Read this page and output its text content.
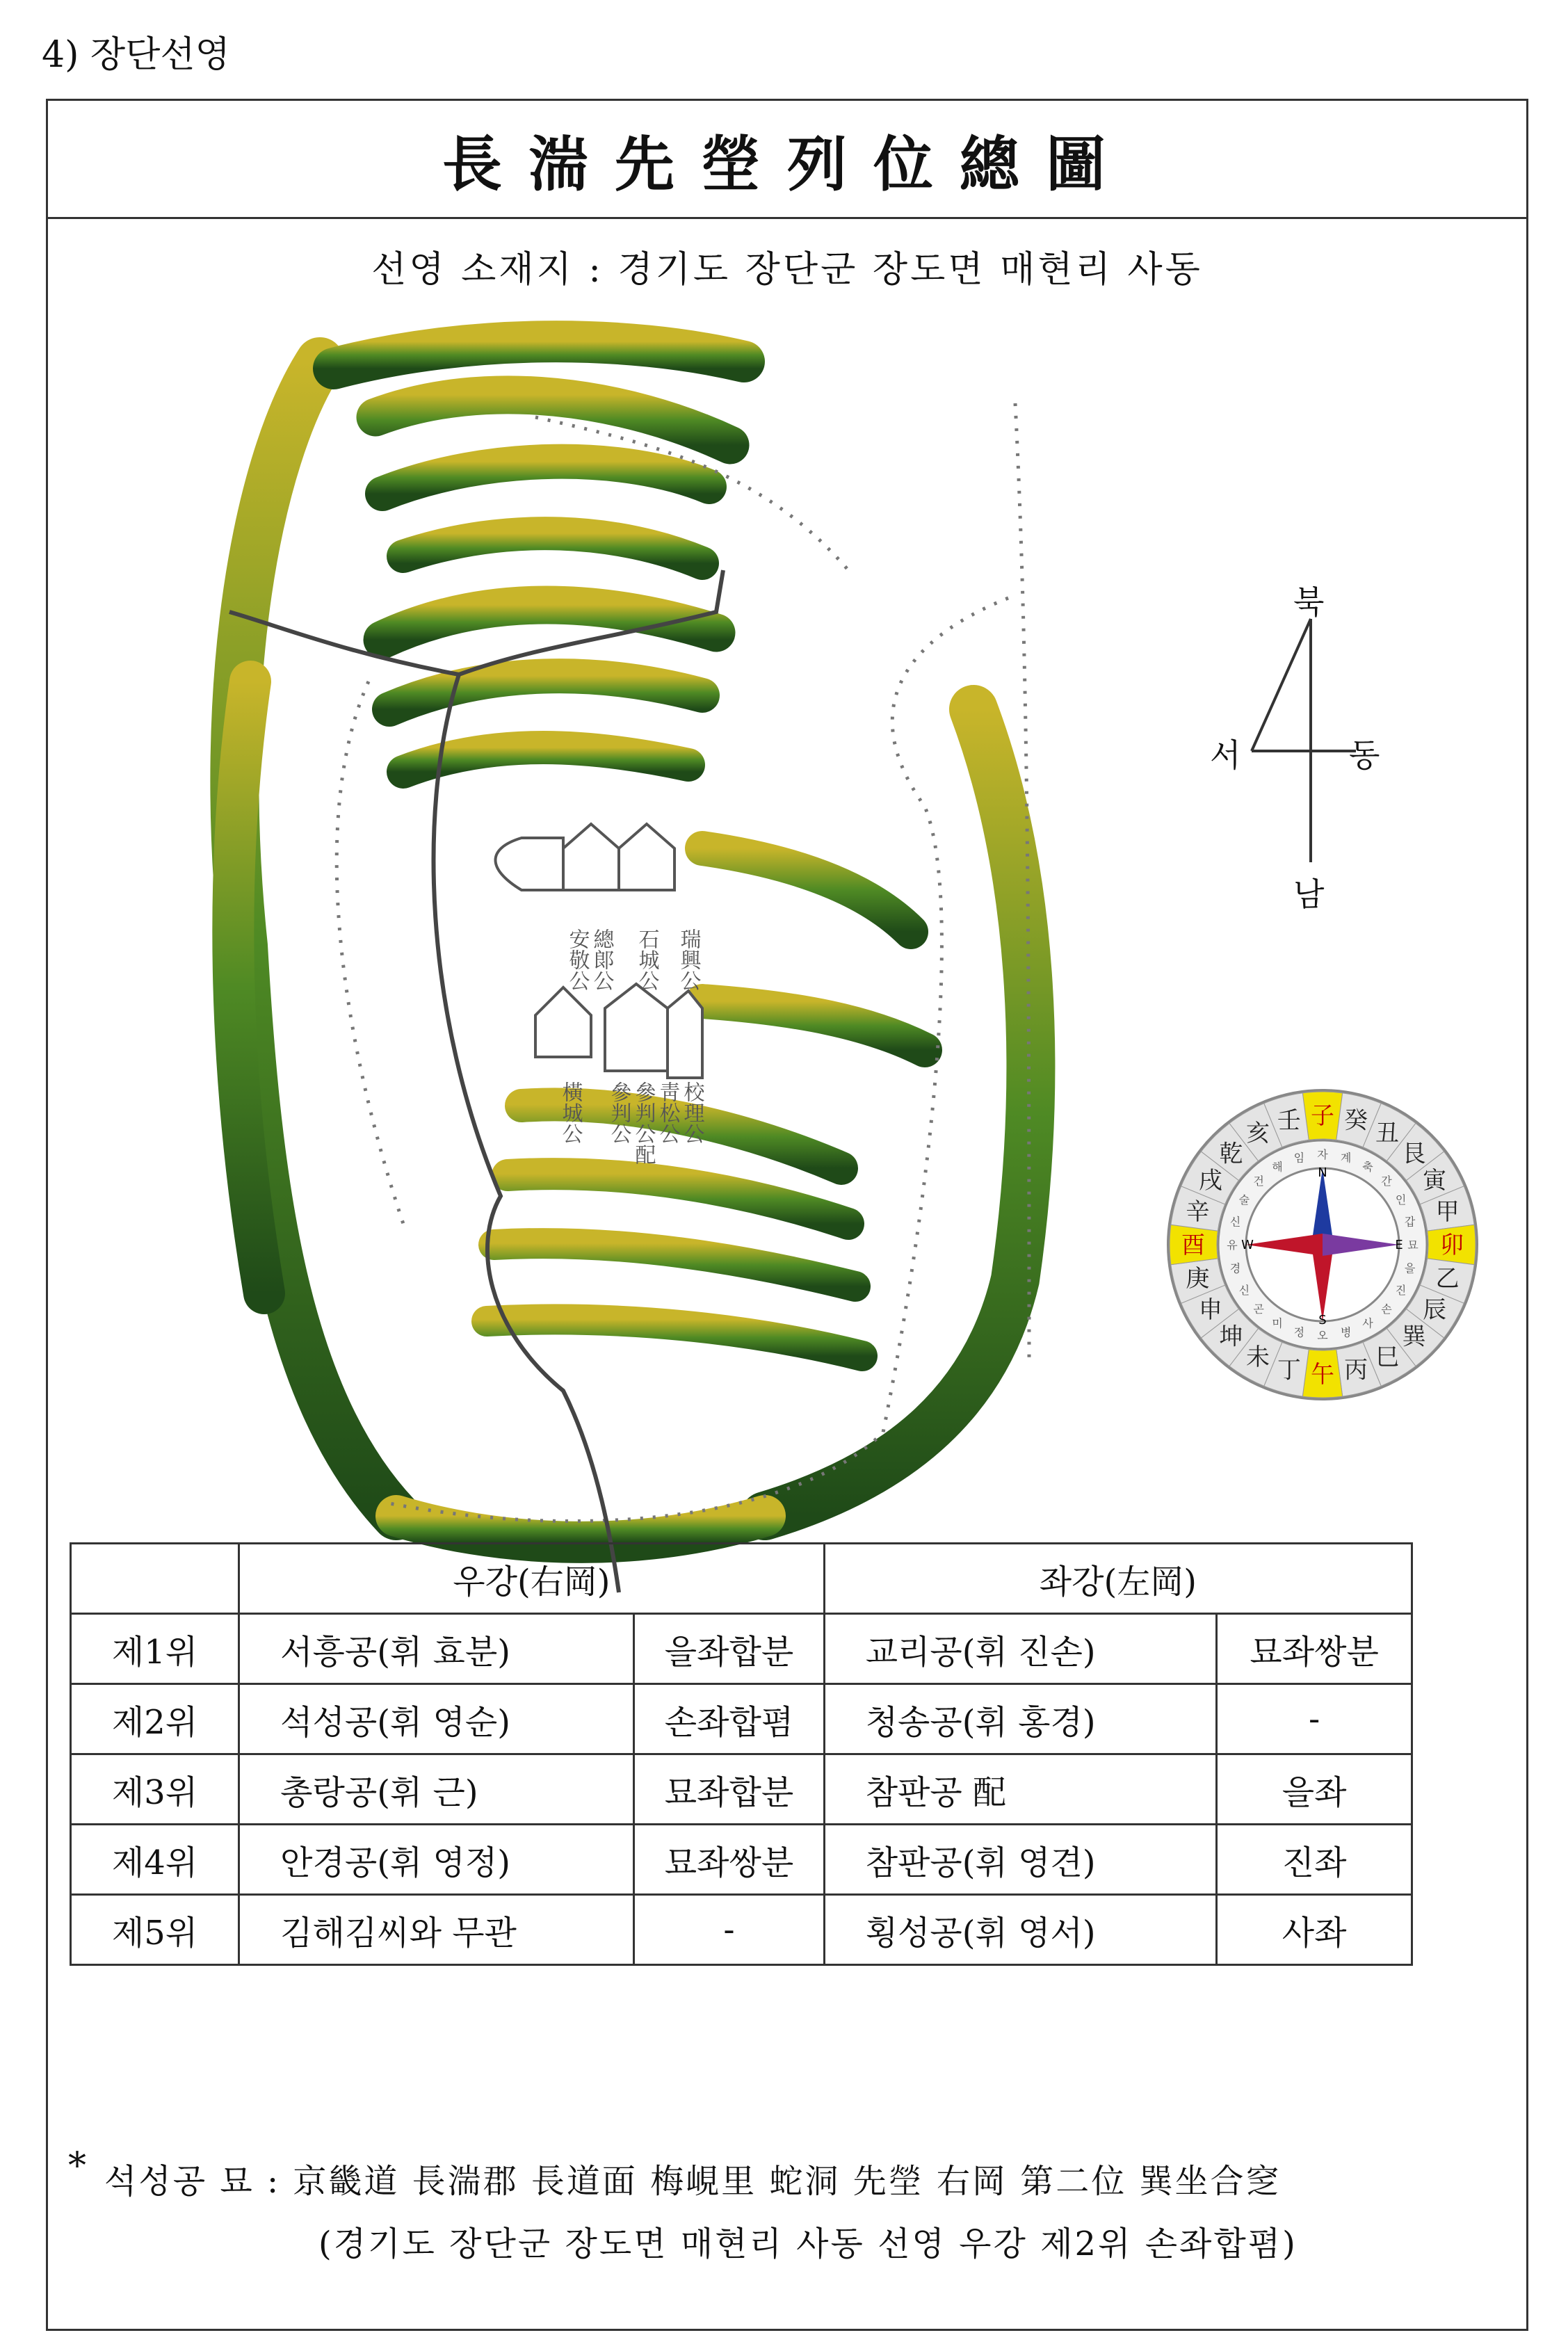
4) 장단선영
長湍先塋列位總圖
선영 소재지 : 경기도 장단군 장도면 매현리 사동
瑞興公
石城公
總郞公
安敬公
校理公
靑松公
參判公配
參判公
橫城公
북
서	동
남
子 癸 丑
艮
寅
甲
卯
乙
辰
巽
巳
丙
午
丁
未
坤
申
庚
酉
辛
戌
乾
亥 壬
자 계
축
간
인
갑
묘
을
진
손
사
병
오
정
미
곤
신
경
유
신
술
건
해
임
N
E
S
W
	우강(右岡)		좌강(左岡)	
제1위	서흥공(휘 효분)	을좌합분	교리공(휘 진손)	묘좌쌍분
제2위	석성공(휘 영순)	손좌합폄	청송공(휘 홍경)	-
제3위	총랑공(휘 근)	묘좌합분	참판공 配	을좌
제4위	안경공(휘 영정)	묘좌쌍분	참판공(휘 영견)	진좌
제5위	김해김씨와 무관	-	횡성공(휘 영서)	사좌
* 석성공 묘 : 京畿道 長湍郡 長道面 梅峴里 蛇洞 先塋 右岡 第二位 巽坐合窆
(경기도 장단군 장도면 매현리 사동 선영 우강 제2위 손좌합폄)
